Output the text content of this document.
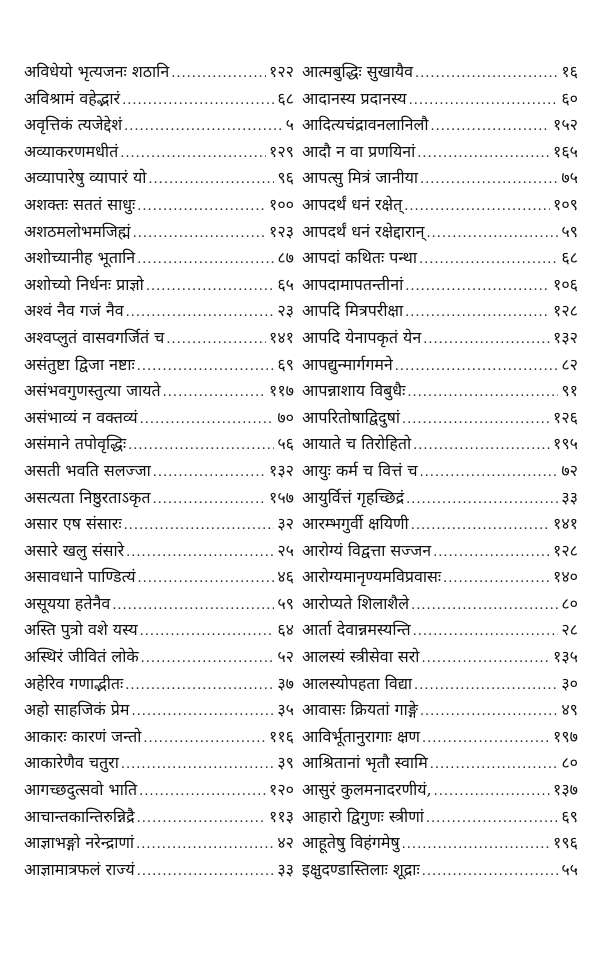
अविधेयो भृत्यजनः शठानि .....	१२२
अविश्रामं वहेद्भारं .....	६८
अवृत्तिकं त्यजेद्देशं .....	५
अव्याकरणमधीतं .....	१२९
अव्यापारेषु व्यापारं यो .....	९६
अशक्तः सततं साधुः .....	१००
अशठमलोभमजिह्मं .....	१२३
अशोच्यानीह भूतानि .....	८७
अशोच्यो निर्धनः प्राज्ञो .....	६५
अश्वं नैव गजं नैव .....	२३
अश्वप्लुतं वासवगर्जितं च .....	१४१
असंतुष्टा द्विजा नष्टाः .....	६९
असंभवगुणस्तुत्या जायते .....	११७
असंभाव्यं न वक्तव्यं .....	७०
असंमाने तपोवृद्धिः .....	५६
असती भवति सलज्जा .....	१३२
असत्यता निष्ठुरताऽकृत .....	१५७
असार एष संसारः .....	३२
असारे खलु संसारे .....	२५
असावधाने पाण्डित्यं .....	४६
असूयया हतेनैव .....	५९
अस्ति पुत्रो वशे यस्य .....	६४
अस्थिरं जीवितं लोके .....	५२
अहेरिव गणाद्भीतः .....	३७
अहो साहजिकं प्रेम .....	३५
आकारः कारणं जन्तो .....	११६
आकारेणैव चतुरा .....	३९
आगच्छदुत्सवो भाति .....	१२०
आचान्तकान्तिरुन्निद्रै .....	११३
आज्ञाभङ्गो नरेन्द्राणां .....	४२
आज्ञामात्रफलं राज्यं .....	३३
आत्मबुद्धिः सुखायैव .....	१६
आदानस्य प्रदानस्य .....	६०
आदित्यचंद्रावनलानिलौ .....	१५२
आदौ न वा प्रणयिनां .....	१६५
आपत्सु मित्रं जानीया .....	७५
आपदर्थं धनं रक्षेत् .....	१०९
आपदर्थं धनं रक्षेद्दारान् .....	५९
आपदां कथितः पन्था .....	६८
आपदामापतन्तीनां .....	१०६
आपदि मित्रपरीक्षा .....	१२८
आपदि येनापकृतं येन .....	१३२
आपद्युन्मार्गगमने .....	८२
आपन्नाशाय विबुधैः .....	९१
आपरितोषाद्विदुषां .....	१२६
आयाते च तिरोहितो .....	१९५
आयुः कर्म च वित्तं च .....	७२
आयुर्वित्तं गृहच्छिद्रं .....	३३
आरम्भगुर्वी क्षयिणी .....	१४१
आरोग्यं विद्वत्ता सज्जन .....	१२८
आरोग्यमानृण्यमविप्रवासः .....	१४०
आरोप्यते शिलाशैले .....	८०
आर्ता देवान्नमस्यन्ति .....	२८
आलस्यं स्त्रीसेवा सरो .....	१३५
आलस्योपहता विद्या .....	३०
आवासः क्रियतां गाङ्गे .....	४९
आविर्भूतानुरागाः क्षण .....	१९७
आश्रितानां भृतौ स्वामि .....	८०
आसुरं कुलमनादरणीयं, .....	१३७
आहारो द्विगुणः स्त्रीणां .....	६९
आहूतेषु विहंगमेषु .....	१९६
इक्षुदण्डास्तिलाः शूद्राः .....	५५
